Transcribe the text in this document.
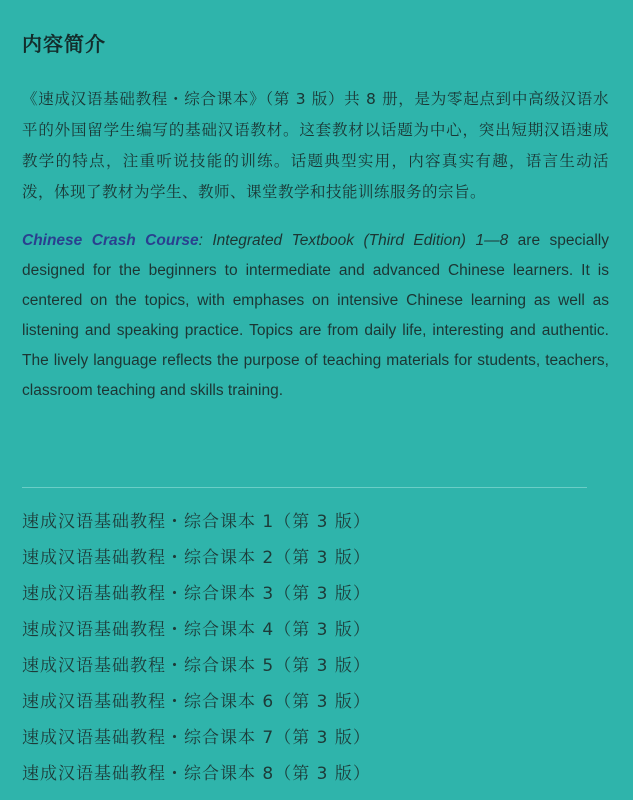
内容简介

《速成汉语基础教程・综合课本》（第 3 版）共 8 册，是为零起点到中高级汉语水平的外国留学生编写的基础汉语教材。这套教材以话题为中心，突出短期汉语速成教学的特点，注重听说技能的训练。话题典型实用，内容真实有趣，语言生动活泼，体现了教材为学生、教师、课堂教学和技能训练服务的宗旨。

Chinese Crash Course: Integrated Textbook (Third Edition) 1—8 are specially designed for the beginners to intermediate and advanced Chinese learners. It is centered on the topics, with emphases on intensive Chinese learning as well as listening and speaking practice. Topics are from daily life, interesting and authentic. The lively language reflects the purpose of teaching materials for students, teachers, classroom teaching and skills training.

速成汉语基础教程・综合课本 1（第 3 版）
速成汉语基础教程・综合课本 2（第 3 版）
速成汉语基础教程・综合课本 3（第 3 版）
速成汉语基础教程・综合课本 4（第 3 版）
速成汉语基础教程・综合课本 5（第 3 版）
速成汉语基础教程・综合课本 6（第 3 版）
速成汉语基础教程・综合课本 7（第 3 版）
速成汉语基础教程・综合课本 8（第 3 版）
